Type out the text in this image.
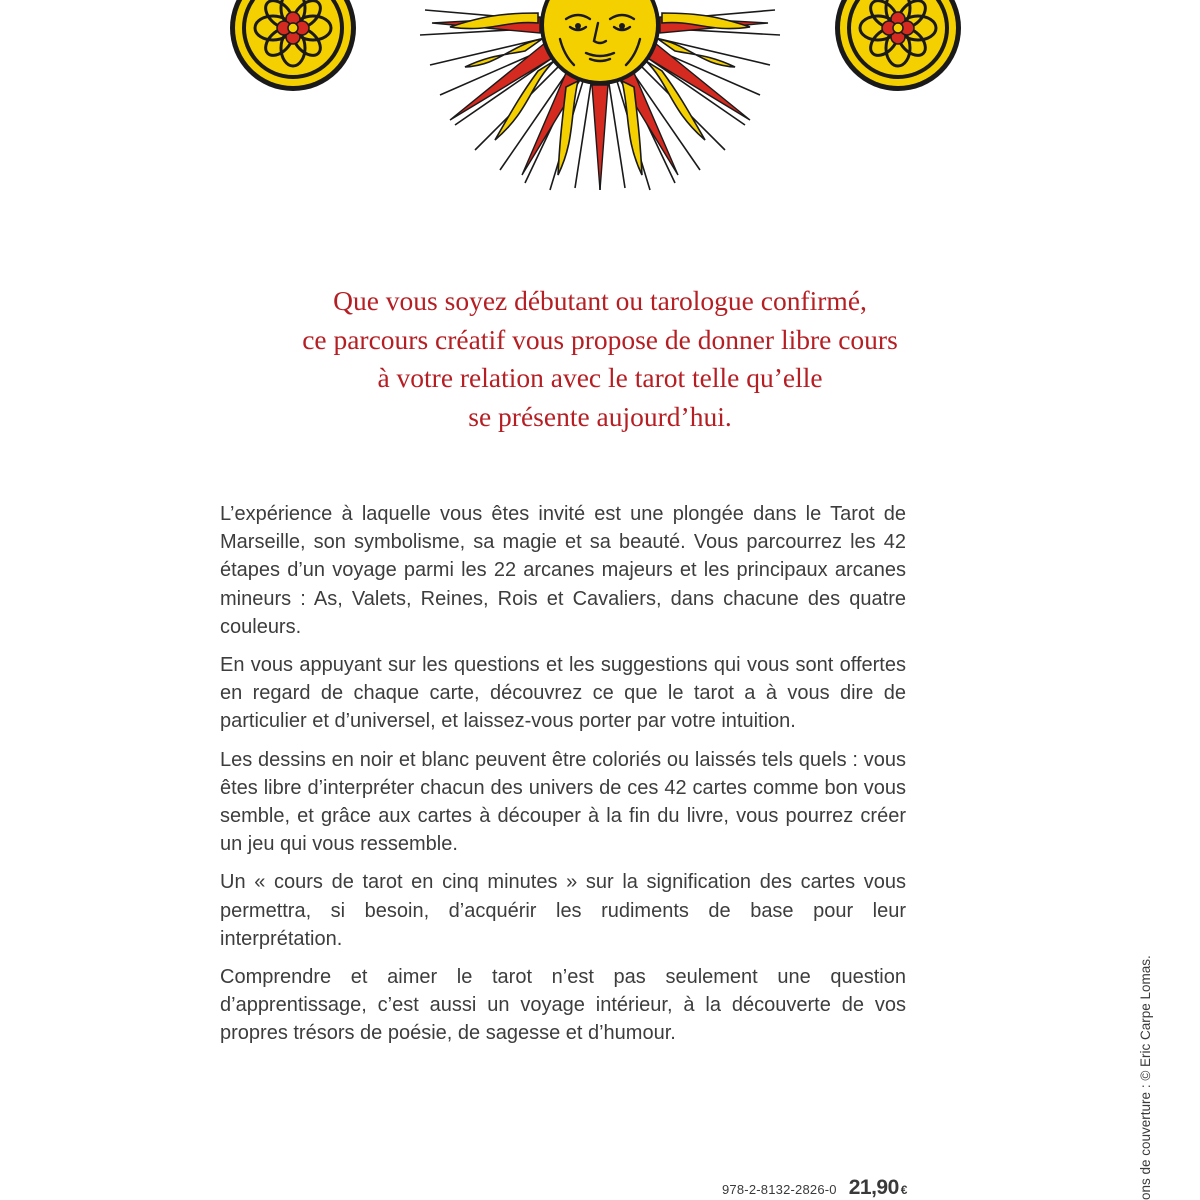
Que vous soyez débutant ou tarologue confirmé,
ce parcours créatif vous propose de donner libre cours
à votre relation avec le tarot telle qu’elle
se présente aujourd’hui.

L’expérience à laquelle vous êtes invité est une plongée dans le Tarot de Marseille, son symbolisme, sa magie et sa beauté. Vous parcourrez les 42 étapes d’un voyage parmi les 22 arcanes majeurs et les principaux arcanes mineurs : As, Valets, Reines, Rois et Cavaliers, dans chacune des quatre couleurs.

En vous appuyant sur les questions et les suggestions qui vous sont offertes en regard de chaque carte, découvrez ce que le tarot a à vous dire de particulier et d’universel, et laissez-vous porter par votre intuition.

Les dessins en noir et blanc peuvent être coloriés ou laissés tels quels : vous êtes libre d’interpréter chacun des univers de ces 42 cartes comme bon vous semble, et grâce aux cartes à découper à la fin du livre, vous pourrez créer un jeu qui vous ressemble.

Un « cours de tarot en cinq minutes » sur la signification des cartes vous permettra, si besoin, d’acquérir les rudiments de base pour leur interprétation.

Comprendre et aimer le tarot n’est pas seulement une question d’apprentissage, c’est aussi un voyage intérieur, à la découverte de vos propres trésors de poésie, de sagesse et d’humour.

978-2-8132-2826-0 21,90 €	ons de couverture : © Eric Carpe Lomas.
